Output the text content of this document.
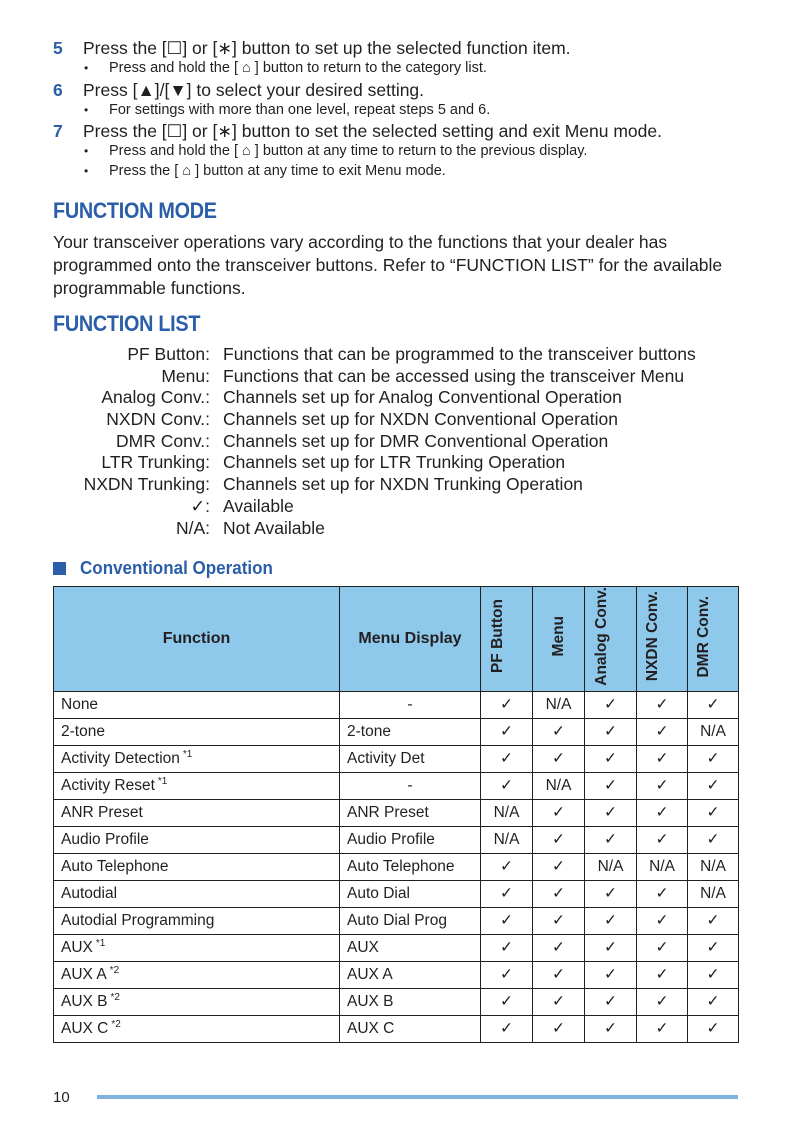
5 Press the [☐] or [∗] button to set up the selected function item.
• Press and hold the [ ⌂ ] button to return to the category list.
6 Press [▲]/[▼] to select your desired setting.
• For settings with more than one level, repeat steps 5 and 6.
7 Press the [☐] or [∗] button to set the selected setting and exit Menu mode.
• Press and hold the [ ⌂ ] button at any time to return to the previous display.
• Press the [ ⌂ ] button at any time to exit Menu mode.
FUNCTION MODE
Your transceiver operations vary according to the functions that your dealer has programmed onto the transceiver buttons. Refer to “FUNCTION LIST” for the available programmable functions.
FUNCTION LIST
PF Button: Functions that can be programmed to the transceiver buttons
Menu: Functions that can be accessed using the transceiver Menu
Analog Conv.: Channels set up for Analog Conventional Operation
NXDN Conv.: Channels set up for NXDN Conventional Operation
DMR Conv.: Channels set up for DMR Conventional Operation
LTR Trunking: Channels set up for LTR Trunking Operation
NXDN Trunking: Channels set up for NXDN Trunking Operation
✓: Available
N/A: Not Available
Conventional Operation
Function	Menu Display	PF Button	Menu	Analog Conv.	NXDN Conv.	DMR Conv.
None	-	✓	N/A	✓	✓	✓
2-tone	2-tone	✓	✓	✓	✓	N/A
Activity Detection $^{*1}$	Activity Det	✓	✓	✓	✓	✓
Activity Reset $^{*1}$	-	✓	N/A	✓	✓	✓
ANR Preset	ANR Preset	N/A	✓	✓	✓	✓
Audio Profile	Audio Profile	N/A	✓	✓	✓	✓
Auto Telephone	Auto Telephone	✓	✓	N/A	N/A	N/A
Autodial	Auto Dial	✓	✓	✓	✓	N/A
Autodial Programming	Auto Dial Prog	✓	✓	✓	✓	✓
AUX $^{*1}$	AUX	✓	✓	✓	✓	✓
AUX A $^{*2}$	AUX A	✓	✓	✓	✓	✓
AUX B $^{*2}$	AUX B	✓	✓	✓	✓	✓
AUX C $^{*2}$	AUX C	✓	✓	✓	✓	✓
10
